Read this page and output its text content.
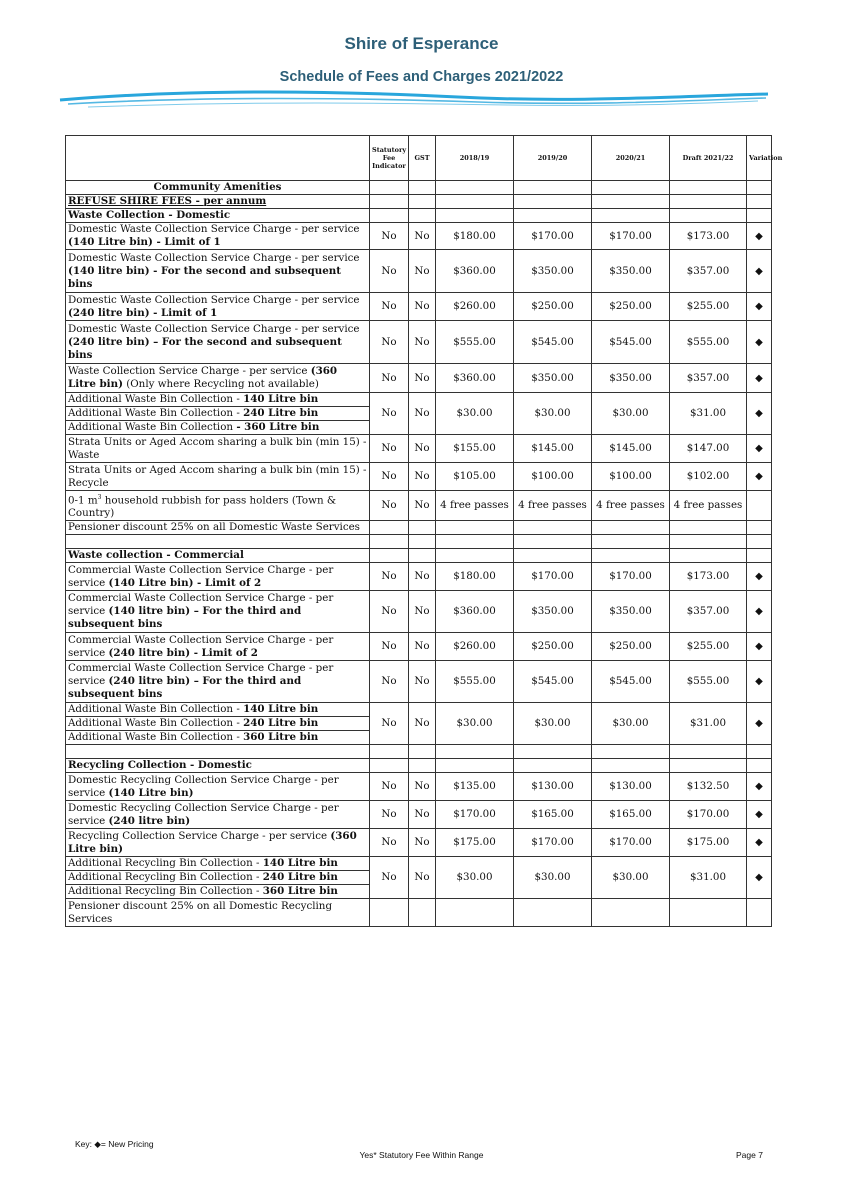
Shire of Esperance
Schedule of Fees and Charges 2021/2022
	Statutory Fee Indicator	GST	2018/19	2019/20	2020/21	Draft 2021/22	Variation
Community Amenities							
REFUSE SHIRE FEES - per annum							
Waste Collection - Domestic							
Domestic Waste Collection Service Charge - per service (140 Litre bin) - Limit of 1	No	No	$180.00	$170.00	$170.00	$173.00	◆
Domestic Waste Collection Service Charge - per service (140 litre bin) - For the second and subsequent bins	No	No	$360.00	$350.00	$350.00	$357.00	◆
Domestic Waste Collection Service Charge - per service (240 litre bin) - Limit of 1	No	No	$260.00	$250.00	$250.00	$255.00	◆
Domestic Waste Collection Service Charge - per service (240 litre bin) – For the second and subsequent bins	No	No	$555.00	$545.00	$545.00	$555.00	◆
Waste Collection Service Charge - per service (360 Litre bin) (Only where Recycling not available)	No	No	$360.00	$350.00	$350.00	$357.00	◆
Additional Waste Bin Collection - 140 Litre bin	No	No	$30.00	$30.00	$30.00	$31.00	◆
Additional Waste Bin Collection - 240 Litre bin							
Additional Waste Bin Collection - 360 Litre bin							
Strata Units or Aged Accom sharing a bulk bin (min 15) - Waste	No	No	$155.00	$145.00	$145.00	$147.00	◆
Strata Units or Aged Accom sharing a bulk bin (min 15) - Recycle	No	No	$105.00	$100.00	$100.00	$102.00	◆
0-1 $m^3$ household rubbish for pass holders (Town & Country)	No	No	4 free passes	4 free passes	4 free passes	4 free passes	
Pensioner discount 25% on all Domestic Waste Services							

Waste collection - Commercial							
Commercial Waste Collection Service Charge - per service (140 Litre bin) - Limit of 2	No	No	$180.00	$170.00	$170.00	$173.00	◆
Commercial Waste Collection Service Charge - per service (140 litre bin) – For the third and subsequent bins	No	No	$360.00	$350.00	$350.00	$357.00	◆
Commercial Waste Collection Service Charge - per service (240 litre bin) - Limit of 2	No	No	$260.00	$250.00	$250.00	$255.00	◆
Commercial Waste Collection Service Charge - per service (240 litre bin) – For the third and subsequent bins	No	No	$555.00	$545.00	$545.00	$555.00	◆
Additional Waste Bin Collection - 140 Litre bin	No	No	$30.00	$30.00	$30.00	$31.00	◆
Additional Waste Bin Collection - 240 Litre bin							
Additional Waste Bin Collection - 360 Litre bin							

Recycling Collection - Domestic							
Domestic Recycling Collection Service Charge - per service (140 Litre bin)	No	No	$135.00	$130.00	$130.00	$132.50	◆
Domestic Recycling Collection Service Charge - per service (240 litre bin)	No	No	$170.00	$165.00	$165.00	$170.00	◆
Recycling Collection Service Charge - per service (360 Litre bin)	No	No	$175.00	$170.00	$170.00	$175.00	◆
Additional Recycling Bin Collection - 140 Litre bin	No	No	$30.00	$30.00	$30.00	$31.00	◆
Additional Recycling Bin Collection - 240 Litre bin							
Additional Recycling Bin Collection - 360 Litre bin							
Pensioner discount 25% on all Domestic Recycling Services							
Key: ◆= New Pricing
Yes* Statutory Fee Within Range	Page 7
